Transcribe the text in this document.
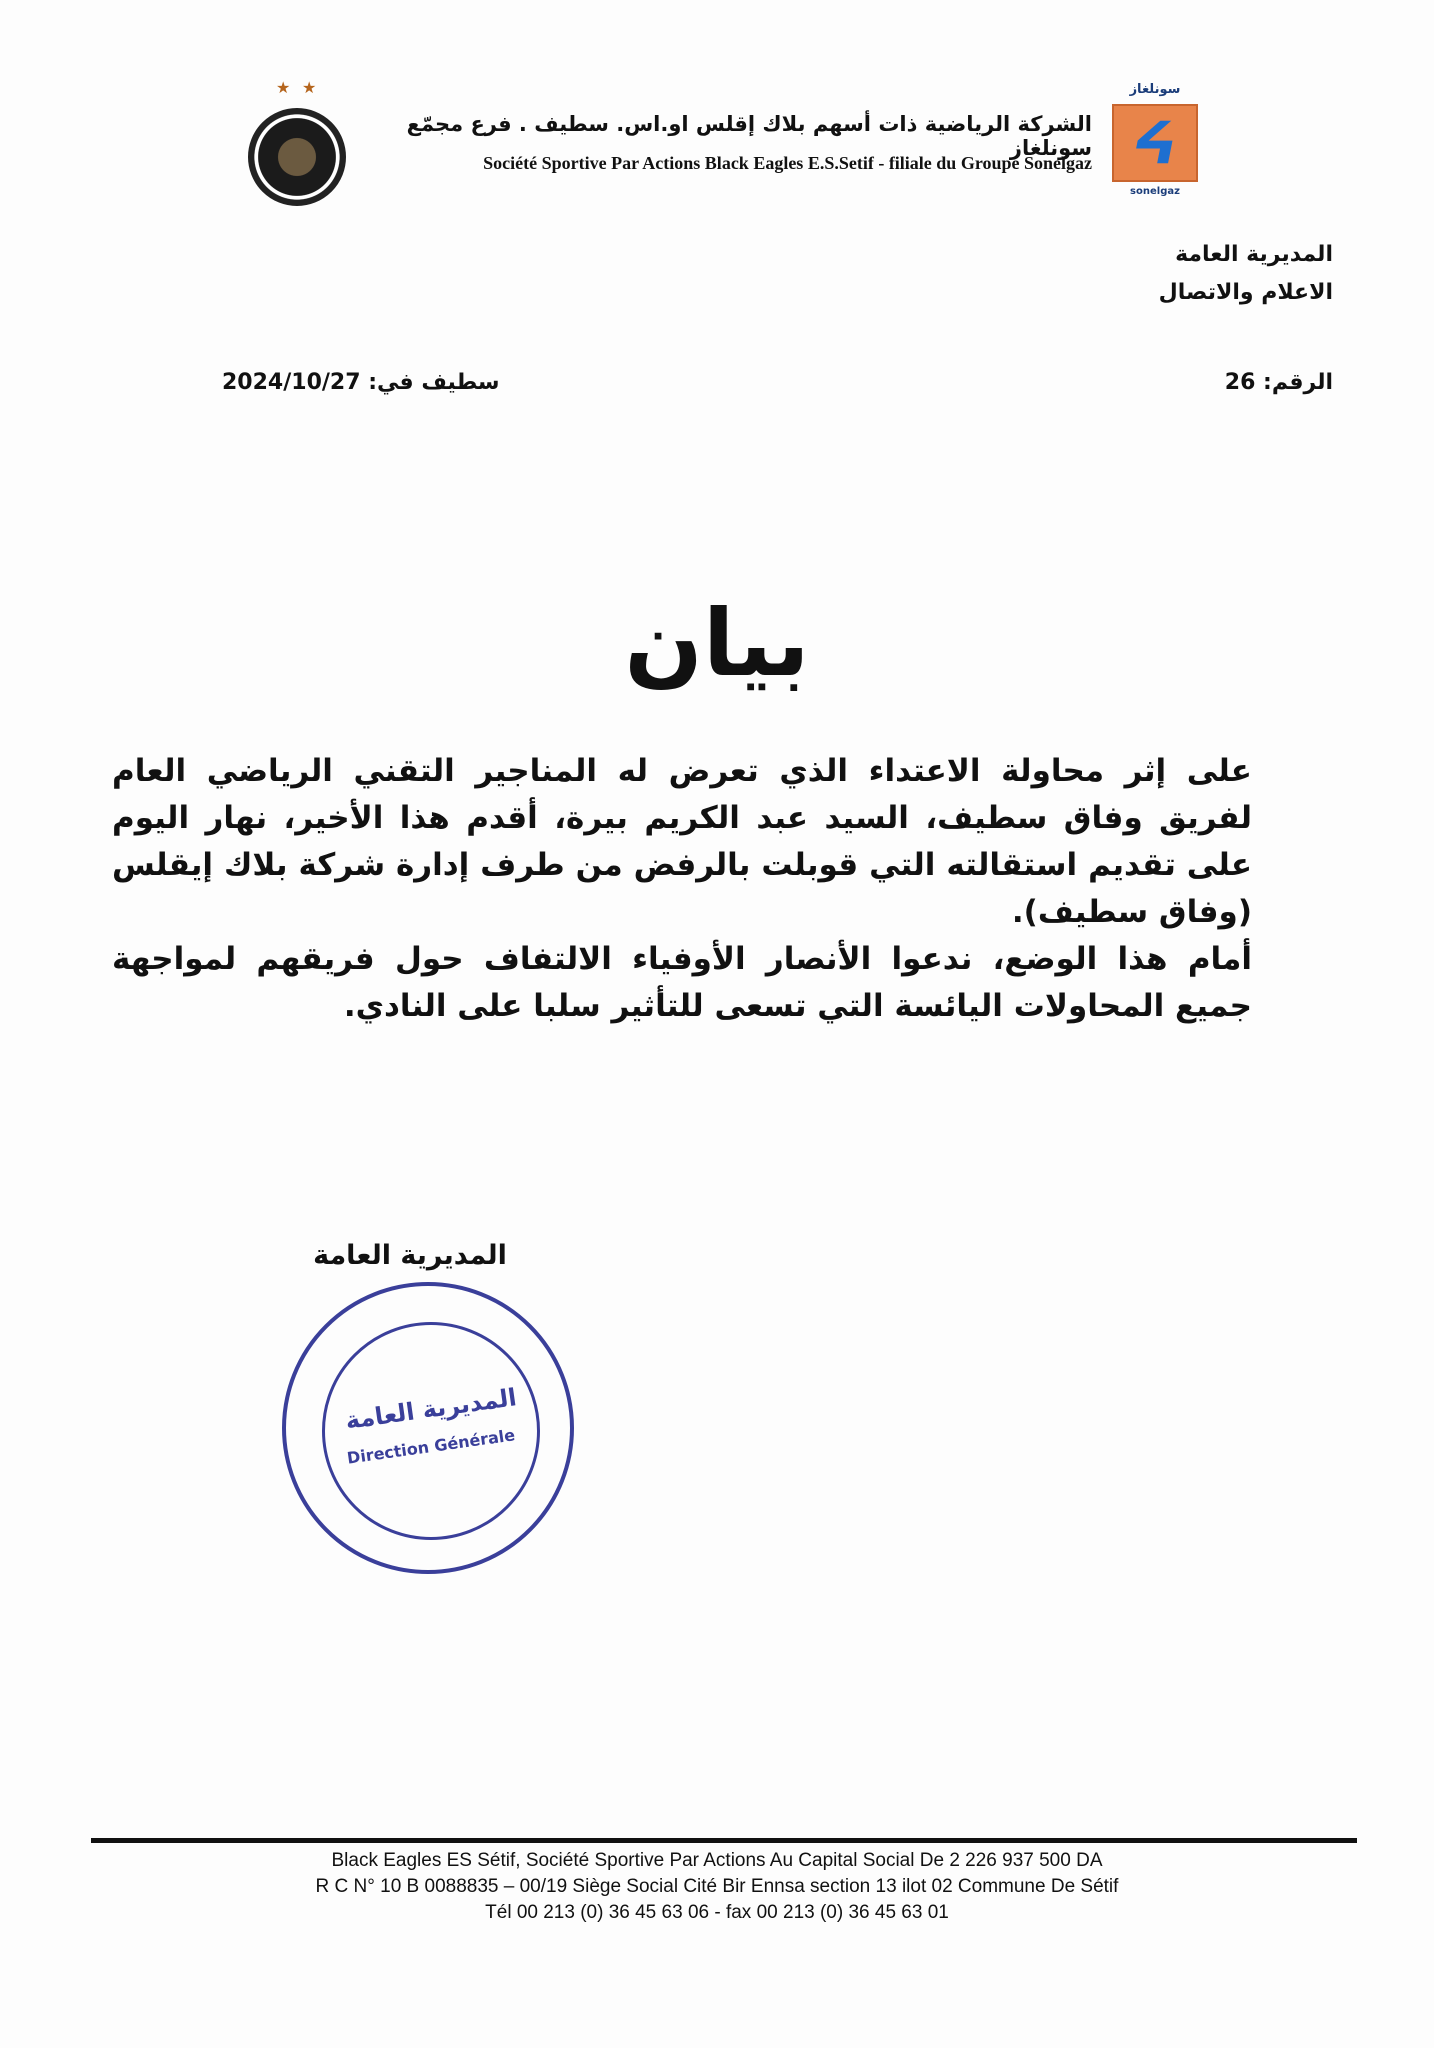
★ ★
الشركة الرياضية ذات أسهم بلاك إقلس او.اس. سطيف . فرع مجمّع سونلغاز
Société Sportive Par Actions Black Eagles E.S.Setif - filiale du Groupe Sonelgaz
سونلغاز
ᔦ
sonelgaz
المديرية العامة
الاعلام والاتصال
الرقم: 26
سطيف في: 2024/10/27
بيان

على إثر محاولة الاعتداء الذي تعرض له المناجير التقني الرياضي العام لفريق وفاق سطيف، السيد عبد الكريم بيرة، أقدم هذا الأخير، نهار اليوم على تقديم استقالته التي قوبلت بالرفض من طرف إدارة شركة بلاك إيقلس (وفاق سطيف).

أمام هذا الوضع، ندعوا الأنصار الأوفياء الالتفاف حول فريقهم لمواجهة جميع المحاولات اليائسة التي تسعى للتأثير سلبا على النادي.

المديرية العامة
المديرية العامة
Direction Générale
Black Eagles ES Sétif, Société Sportive Par Actions Au Capital Social De 2 226 937 500 DA
R C N° 10 B 0088835 – 00/19 Siège Social Cité Bir Ennsa section 13 ilot 02 Commune De Sétif
Tél 00 213 (0) 36 45 63 06 - fax 00 213 (0) 36 45 63 01
